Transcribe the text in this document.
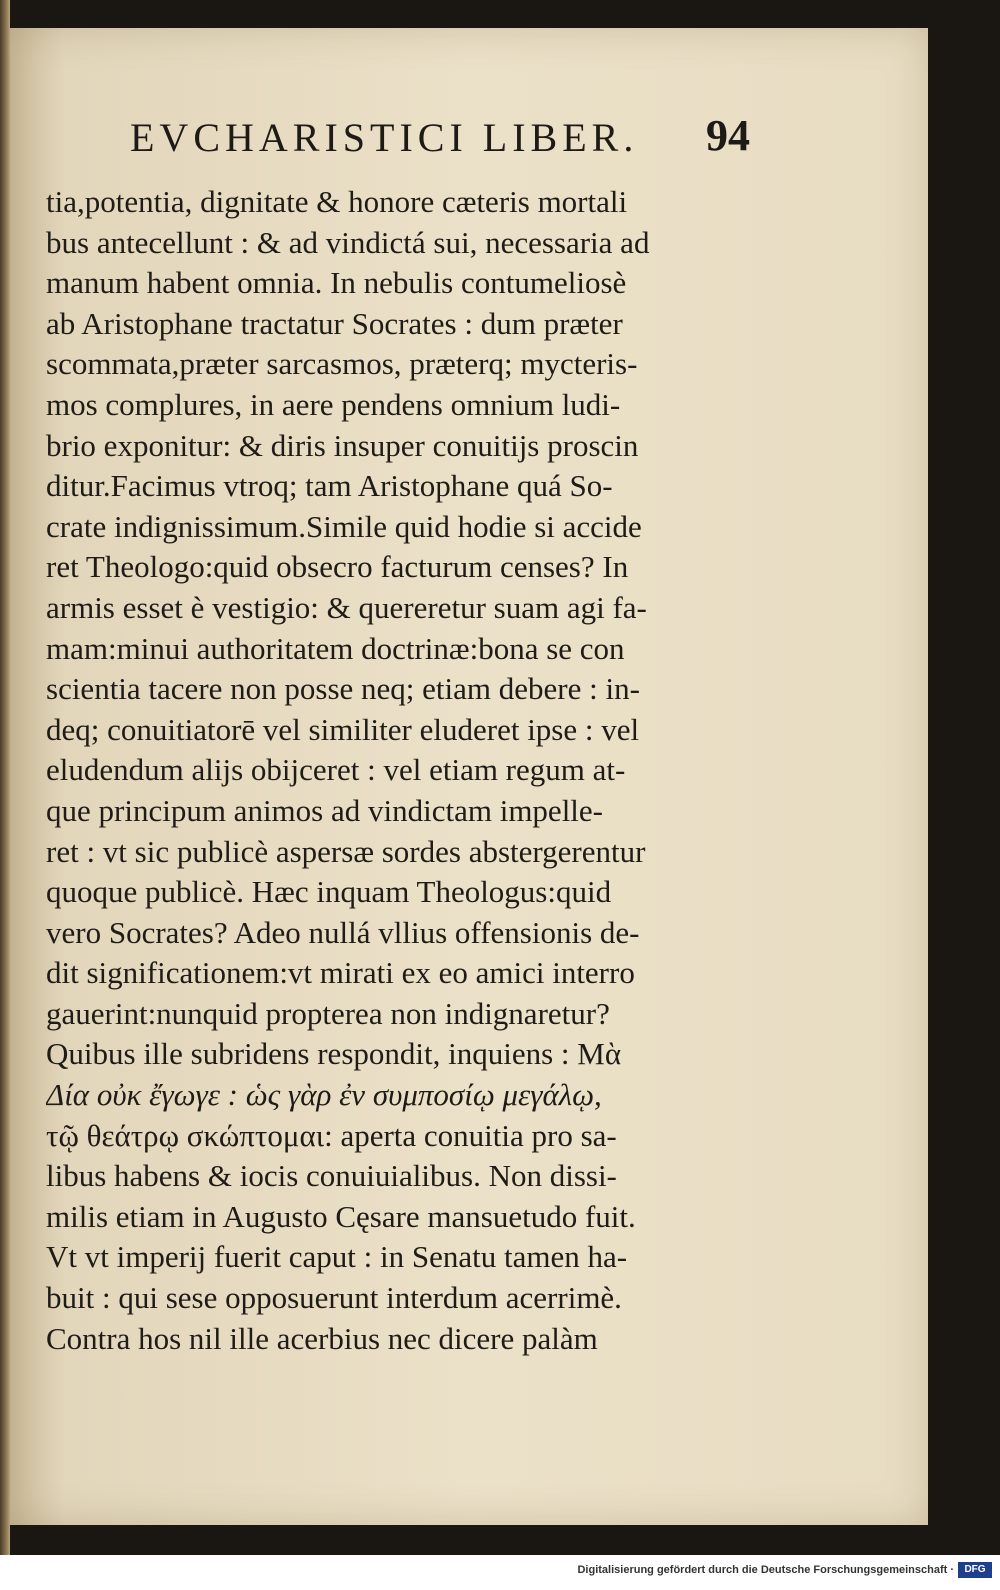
EVCHARISTICI LIBER. 94
tia,potentia, dignitate & honore cæteris mortali
bus antecellunt : & ad vindictá sui, necessaria ad
manum habent omnia. In nebulis contumeliosè
ab Aristophane tractatur Socrates : dum præter
scommata,præter sarcasmos, præterq; mycteris-
mos complures, in aere pendens omnium ludi-
brio exponitur: & diris insuper conuitijs proscin
ditur.Facimus vtroq; tam Aristophane quá So-
crate indignissimum.Simile quid hodie si accide
ret Theologo:quid obsecro facturum censes? In
armis esset è vestigio: & quereretur suam agi fa-
mam:minui authoritatem doctrinæ:bona se con
scientia tacere non posse neq; etiam debere : in-
deq; conuitiatorē vel similiter eluderet ipse : vel
eludendum alijs obijceret : vel etiam regum at-
que principum animos ad vindictam impelle-
ret : vt sic publicè aspersæ sordes abstergerentur
quoque publicè. Hæc inquam Theologus:quid
vero Socrates? Adeo nullá vllius offensionis de-
dit significationem:vt mirati ex eo amici interro
gauerint:nunquid propterea non indignaretur?
Quibus ille subridens respondit, inquiens : Μὰ
Δία οὐκ ἔγωγε : ὡς γὰρ ἐν συμποσίῳ μεγάλῳ,
τῷ θεάτρῳ σκώπτομαι: aperta conuitia pro sa-
libus habens & iocis conuiuialibus. Non dissi-
milis etiam in Augusto Cęsare mansuetudo fuit.
Vt vt imperij fuerit caput : in Senatu tamen ha-
buit : qui sese opposuerunt interdum acerrimè.
Contra hos nil ille acerbius nec dicere palàm
Digitalisierung gefördert durch die Deutsche Forschungsgemeinschaft ·	DFG
